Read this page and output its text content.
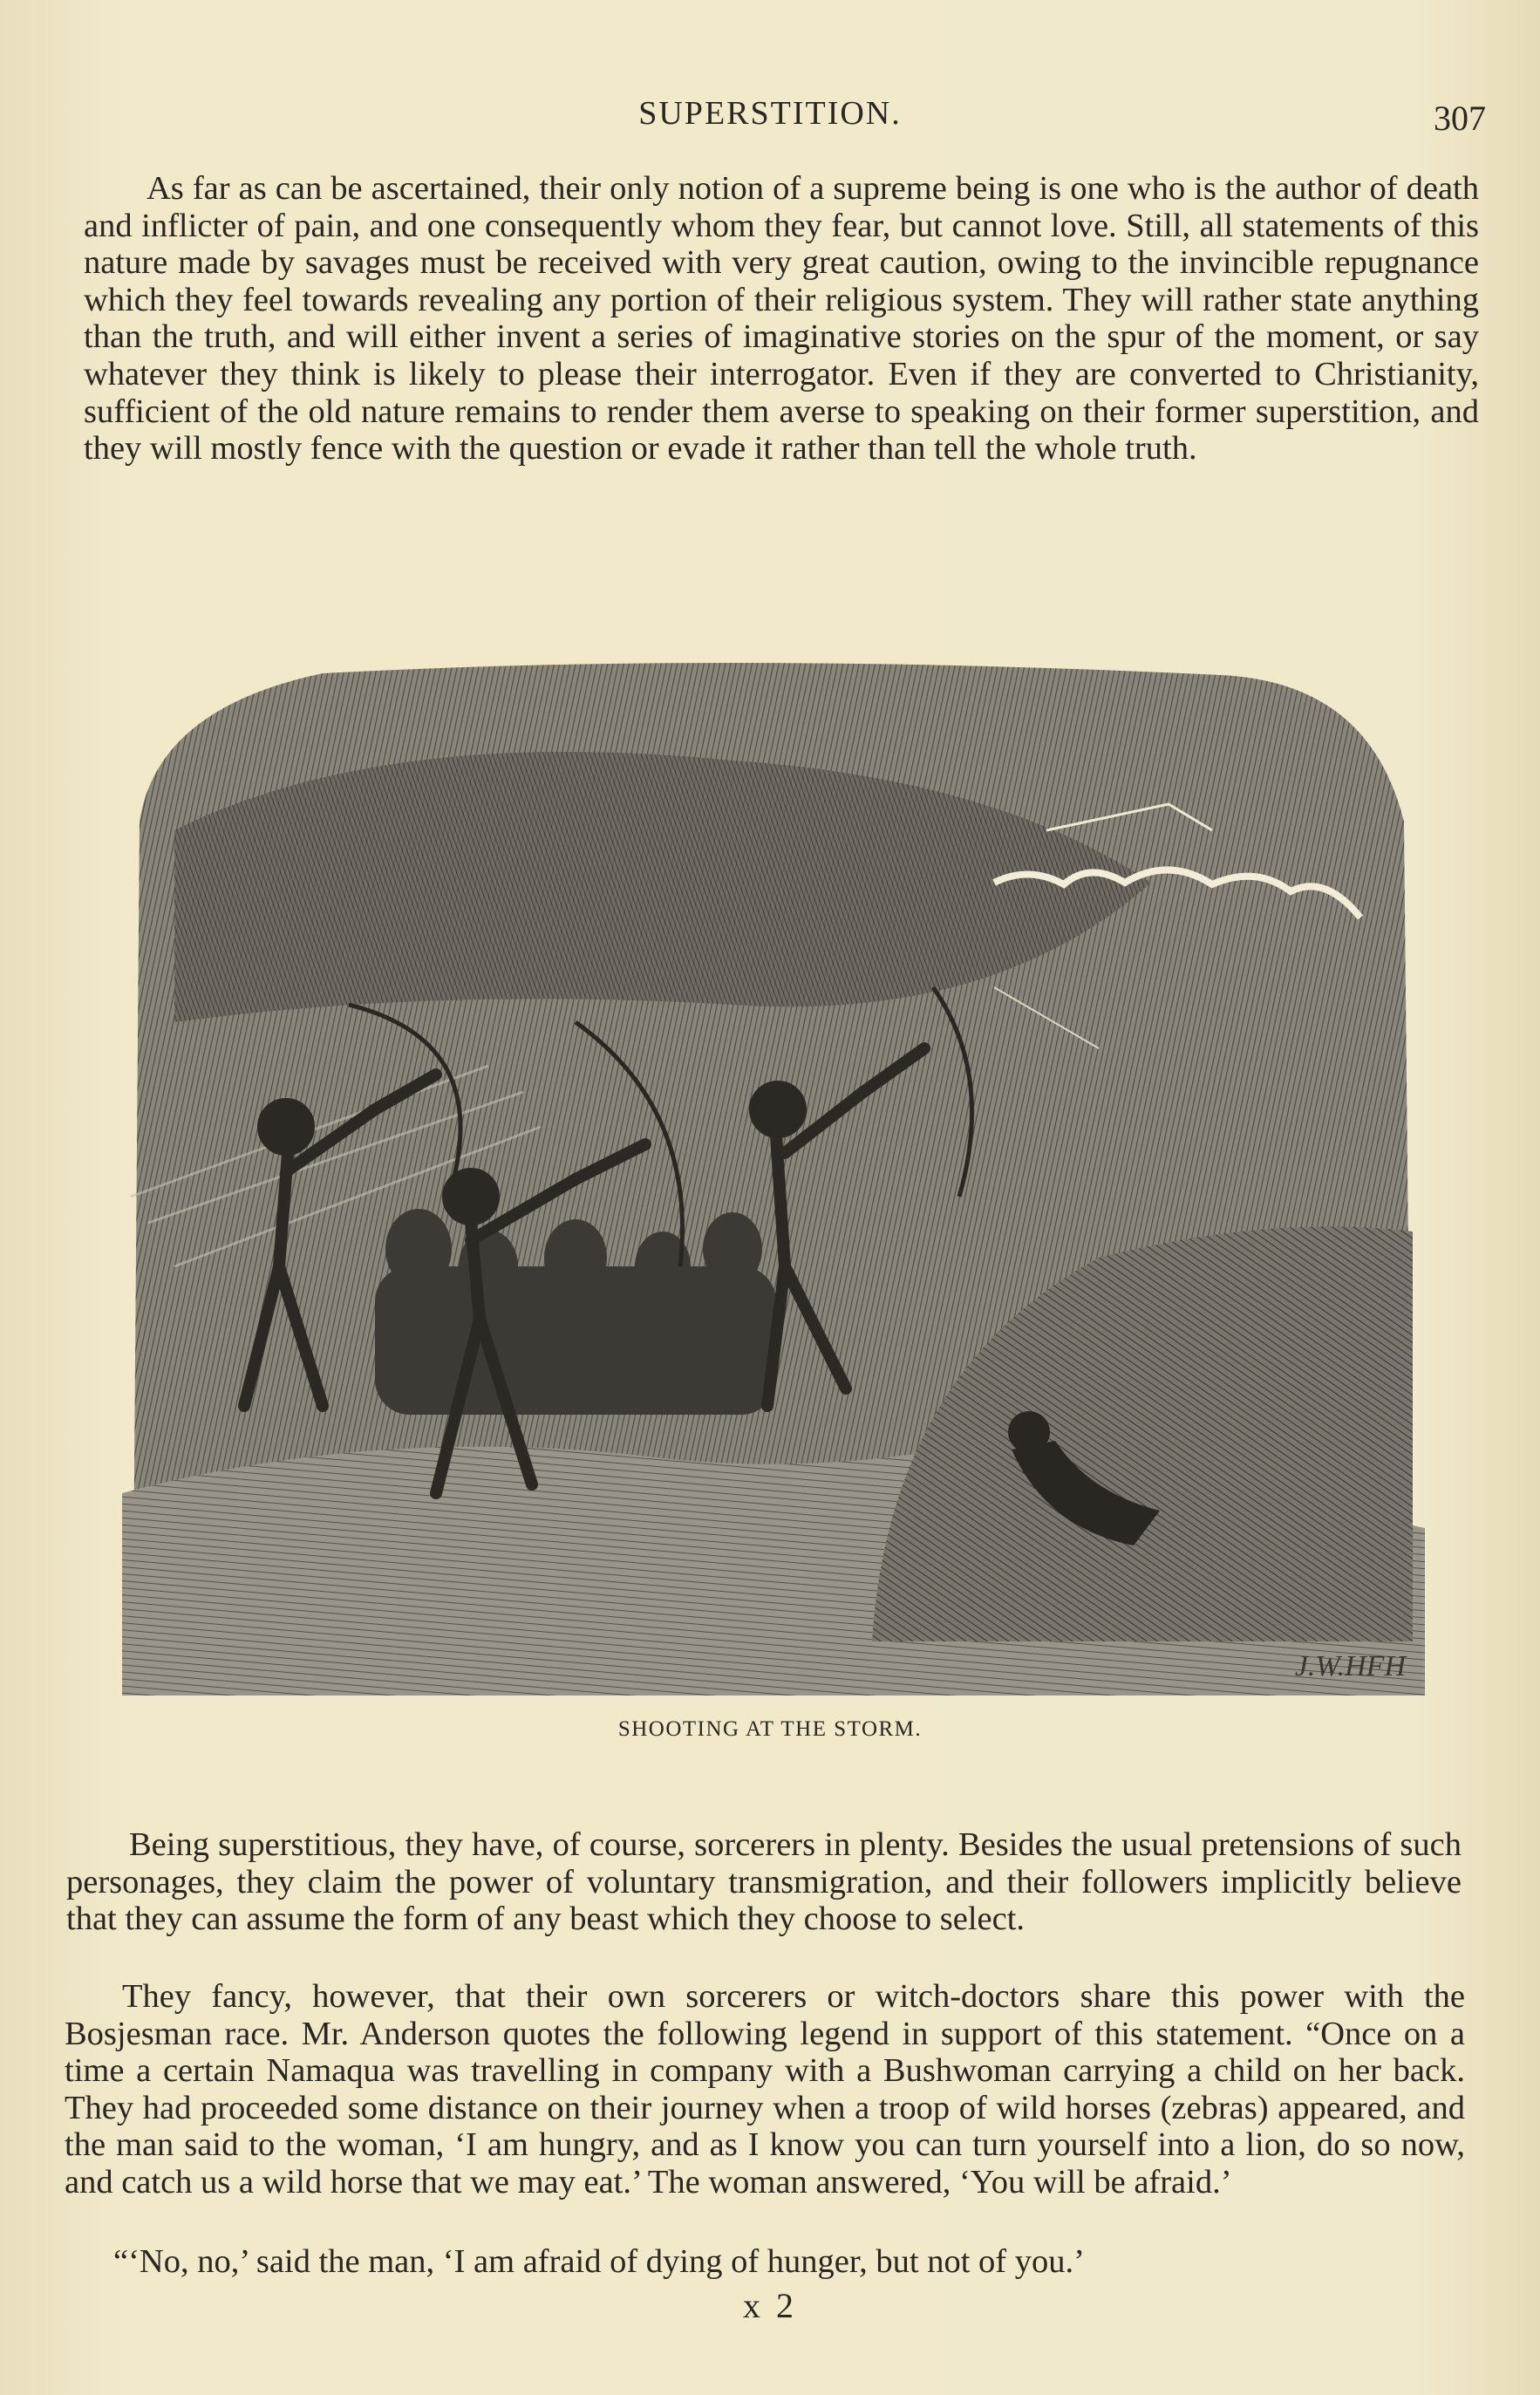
SUPERSTITION.	307

As far as can be ascertained, their only notion of a supreme being is one who is the author of death and inflicter of pain, and one consequently whom they fear, but cannot love. Still, all statements of this nature made by savages must be received with very great caution, owing to the invincible repugnance which they feel towards revealing any portion of their religious system. They will rather state anything than the truth, and will either invent a series of imaginative stories on the spur of the moment, or say whatever they think is likely to please their interrogator. Even if they are converted to Christianity, sufficient of the old nature remains to render them averse to speaking on their former superstition, and they will mostly fence with the question or evade it rather than tell the whole truth.

J.W.HFH
SHOOTING AT THE STORM.

Being superstitious, they have, of course, sorcerers in plenty. Besides the usual pretensions of such personages, they claim the power of voluntary transmigration, and their followers implicitly believe that they can assume the form of any beast which they choose to select.

They fancy, however, that their own sorcerers or witch-doctors share this power with the Bosjesman race. Mr. Anderson quotes the following legend in support of this statement. “Once on a time a certain Namaqua was travelling in company with a Bushwoman carrying a child on her back. They had proceeded some distance on their journey when a troop of wild horses (zebras) appeared, and the man said to the woman, ‘I am hungry, and as I know you can turn yourself into a lion, do so now, and catch us a wild horse that we may eat.’ The woman answered, ‘You will be afraid.’

“‘No, no,’ said the man, ‘I am afraid of dying of hunger, but not of you.’

x 2
